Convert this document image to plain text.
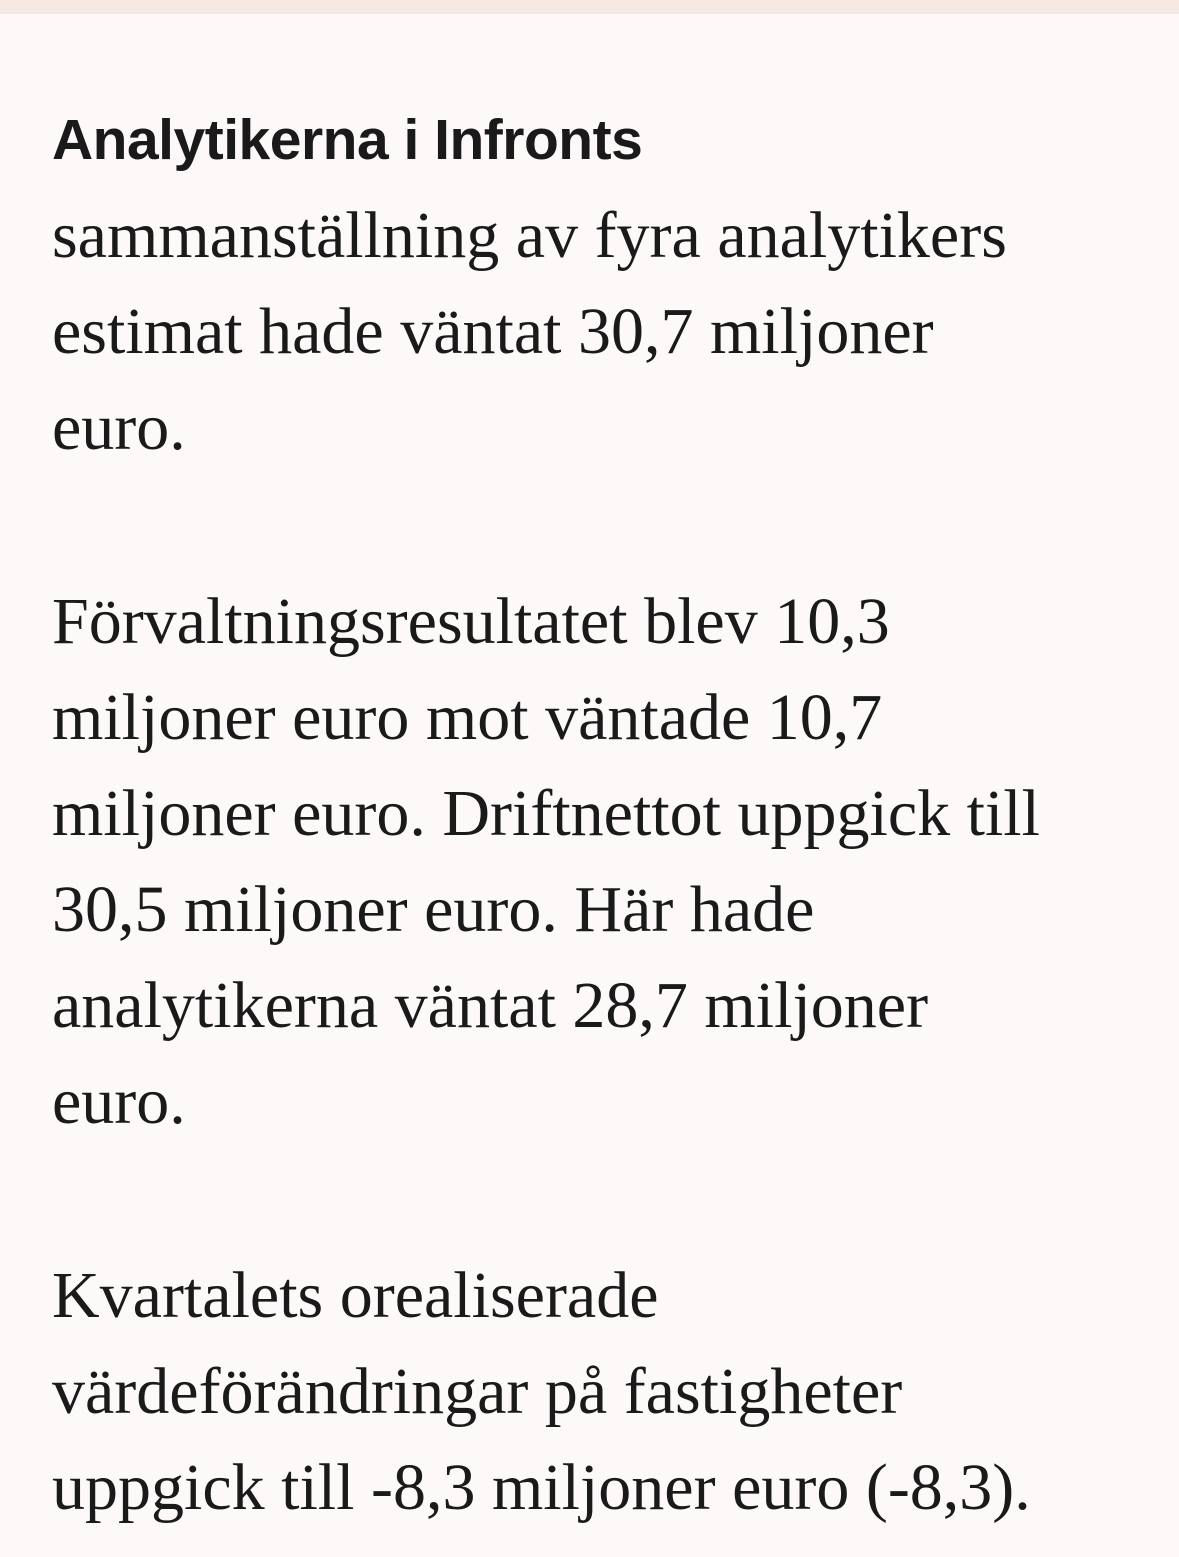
Analytikerna i Infronts
sammanställning av fyra analytikers
estimat hade väntat 30,7 miljoner
euro.
Förvaltningsresultatet blev 10,3
miljoner euro mot väntade 10,7
miljoner euro. Driftnettot uppgick till
30,5 miljoner euro. Här hade
analytikerna väntat 28,7 miljoner
euro.
Kvartalets orealiserade
värdeförändringar på fastigheter
uppgick till -8,3 miljoner euro (-8,3).
